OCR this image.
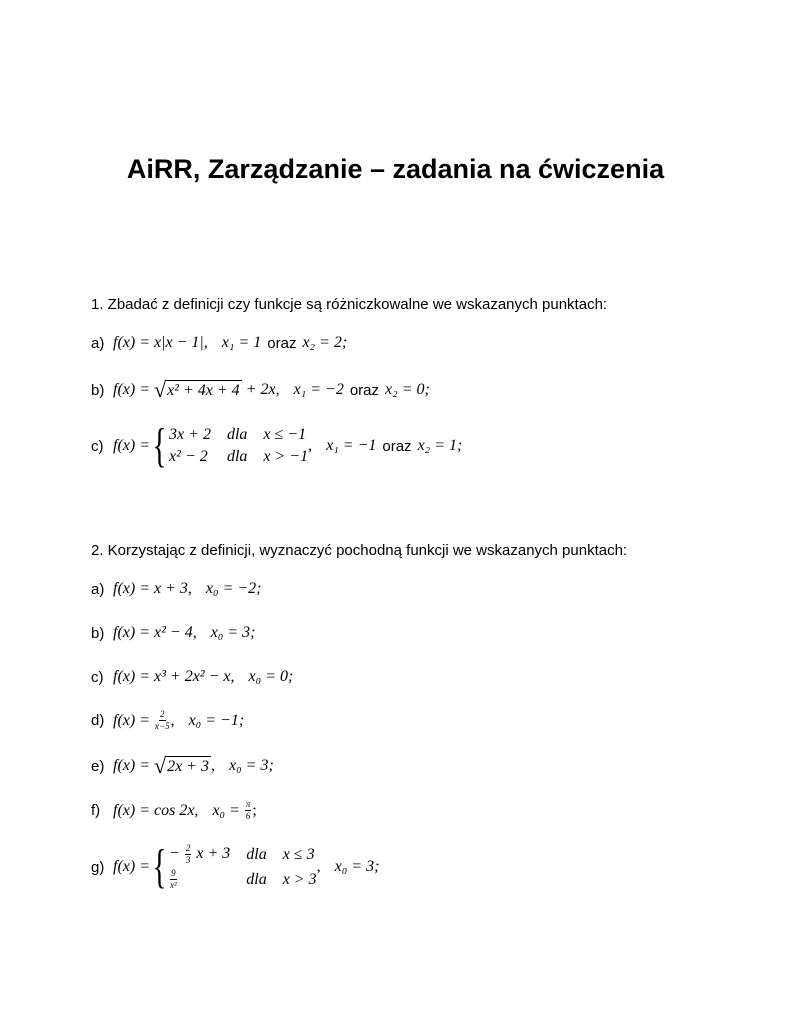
AiRR, Zarządzanie – zadania na ćwiczenia
1. Zbadać z definicji czy funkcje są różniczkowalne we wskazanych punktach:
a) f(x) = x|x − 1|, x₁ = 1 oraz x₂ = 2;
b) f(x) =
√ x² + 4x + 4
+ 2x, x₁ = −2 oraz x₂ = 0;
c) f(x) = { 3x + 2 dla x ≤ −1
x² − 2 dla x > −1
, x₁ = −1 oraz x₂ = 1;
2. Korzystając z definicji, wyznaczyć pochodną funkcji we wskazanych punktach:
a) f(x) = x + 3, x₀ = −2;
b) f(x) = x² − 4, x₀ = 3;
c) f(x) = x³ + 2x² − x, x₀ = 0;
d) f(x) =
$\frac{2}{x-5}$ , x₀ = −1;
e) f(x) =
√ 2x + 3 , x₀ = 3;
f) f(x) = cos 2x, x₀ =
$\frac{\pi}{6}$ ;
g) f(x) = { − $\frac{2}{3}$ x + 3 dla x ≤ 3
$\frac{9}{\text{x²}}$	dla x > 3
, x₀ = 3;
